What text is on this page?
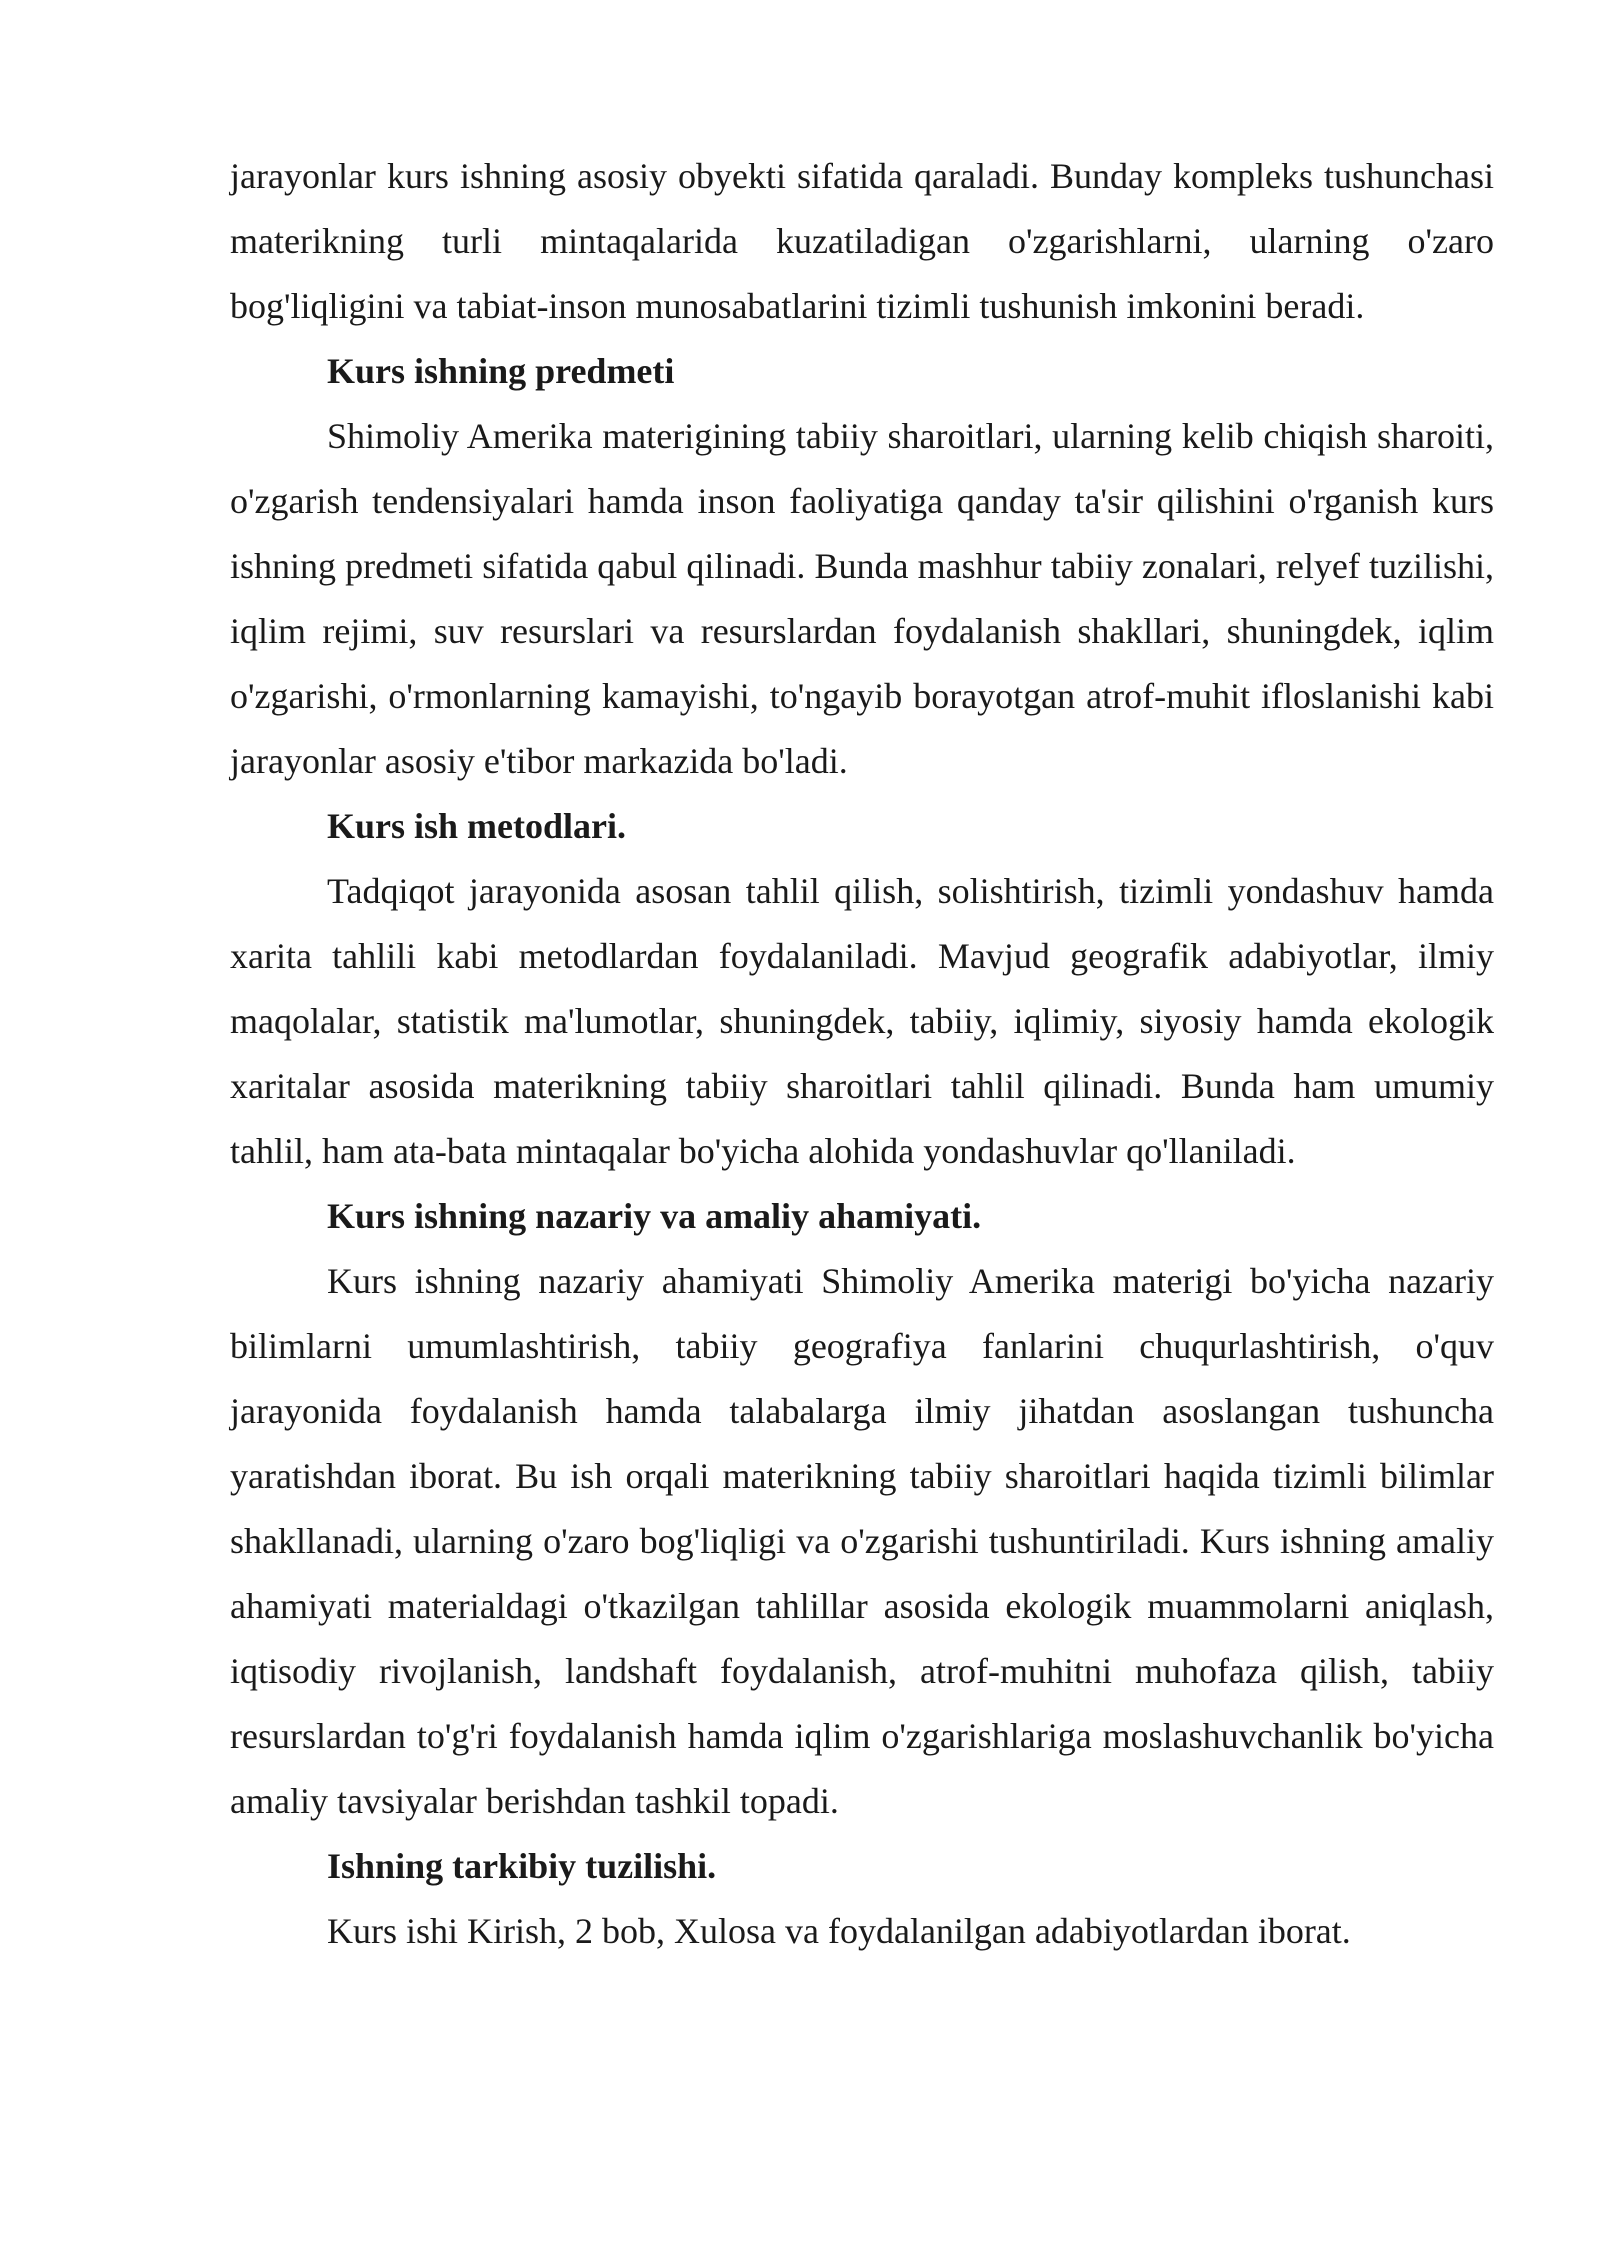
jarayonlar kurs ishning asosiy obyekti sifatida qaraladi. Bunday kompleks tushunchasi materikning turli mintaqalarida kuzatiladigan o'zgarishlarni, ularning o'zaro bog'liqligini va tabiat-inson munosabatlarini tizimli tushunish imkonini beradi.

Kurs ishning predmeti

Shimoliy Amerika materigining tabiiy sharoitlari, ularning kelib chiqish sharoiti, o'zgarish tendensiyalari hamda inson faoliyatiga qanday ta'sir qilishini o'rganish kurs ishning predmeti sifatida qabul qilinadi. Bunda mashhur tabiiy zonalari, relyef tuzilishi, iqlim rejimi, suv resurslari va resurslardan foydalanish shakllari, shuningdek, iqlim o'zgarishi, o'rmonlarning kamayishi, to'ngayib borayotgan atrof-muhit ifloslanishi kabi jarayonlar asosiy e'tibor markazida bo'ladi.

Kurs ish metodlari.

Tadqiqot jarayonida asosan tahlil qilish, solishtirish, tizimli yondashuv hamda xarita tahlili kabi metodlardan foydalaniladi. Mavjud geografik adabiyotlar, ilmiy maqolalar, statistik ma'lumotlar, shuningdek, tabiiy, iqlimiy, siyosiy hamda ekologik xaritalar asosida materikning tabiiy sharoitlari tahlil qilinadi. Bunda ham umumiy tahlil, ham ata-bata mintaqalar bo'yicha alohida yondashuvlar qo'llaniladi.

Kurs ishning nazariy va amaliy ahamiyati.

Kurs ishning nazariy ahamiyati Shimoliy Amerika materigi bo'yicha nazariy bilimlarni umumlashtirish, tabiiy geografiya fanlarini chuqurlashtirish, o'quv jarayonida foydalanish hamda talabalarga ilmiy jihatdan asoslangan tushuncha yaratishdan iborat. Bu ish orqali materikning tabiiy sharoitlari haqida tizimli bilimlar shakllanadi, ularning o'zaro bog'liqligi va o'zgarishi tushuntiriladi. Kurs ishning amaliy ahamiyati materialdagi o'tkazilgan tahlillar asosida ekologik muammolarni aniqlash, iqtisodiy rivojlanish, landshaft foydalanish, atrof-muhitni muhofaza qilish, tabiiy resurslardan to'g'ri foydalanish hamda iqlim o'zgarishlariga moslashuvchanlik bo'yicha amaliy tavsiyalar berishdan tashkil topadi.

Ishning tarkibiy tuzilishi.

Kurs ishi Kirish, 2 bob, Xulosa va foydalanilgan adabiyotlardan iborat.
